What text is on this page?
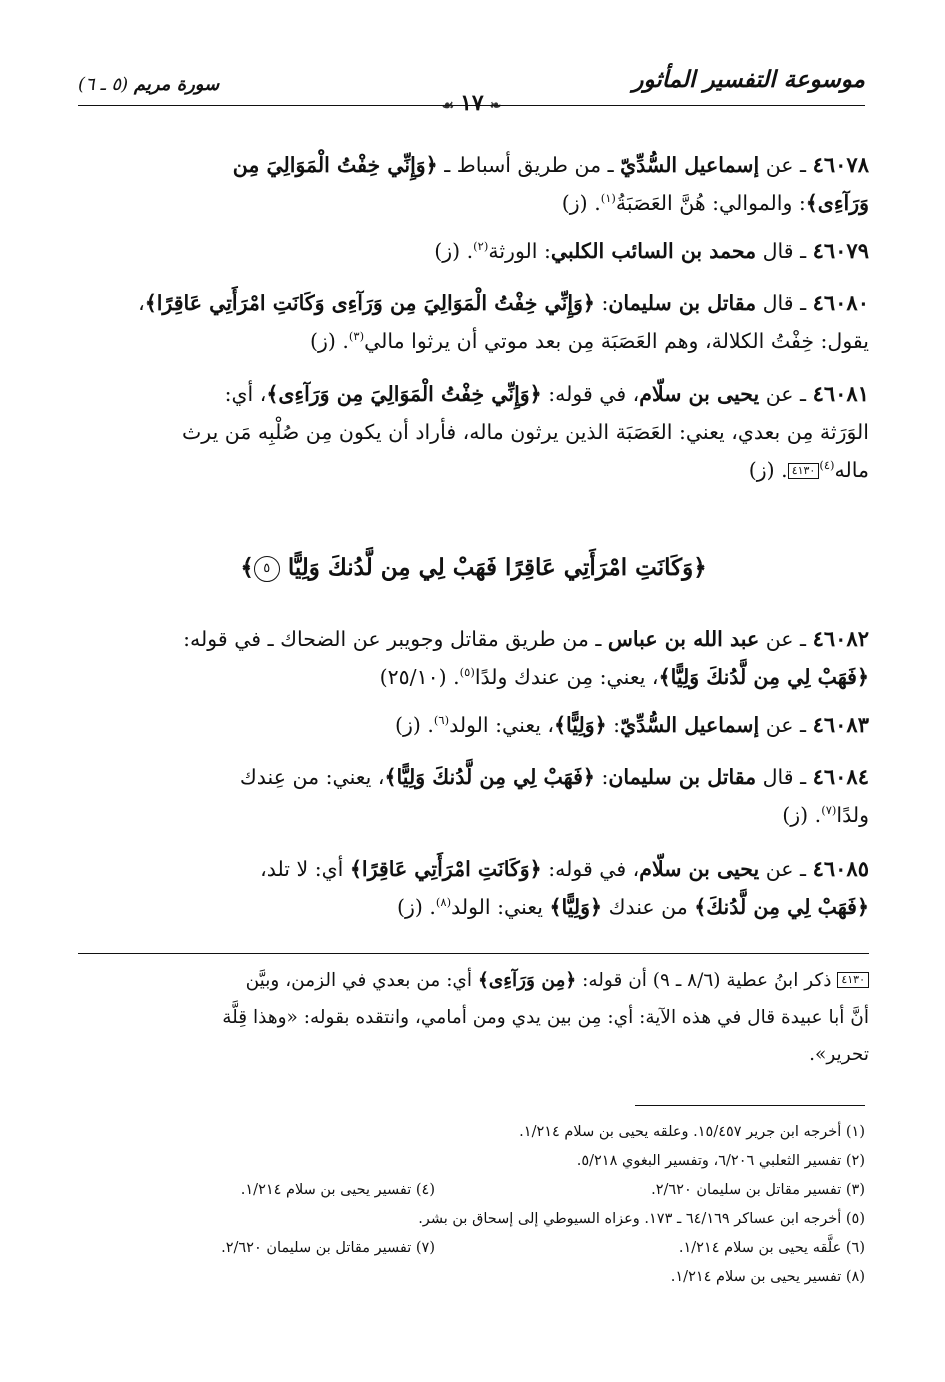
موسوعة التفسير المأثور
❧١٧☙
سورة مريم (٥ ـ ٦)
٤٦٠٧٨ ـ عن إسماعيل السُّدِّيّ ـ من طريق أسباط ـ ﴿وَإِنِّي خِفْتُ الْمَوَالِيَ مِن
وَرَآءِى﴾: والموالي: هُنَّ العَصَبَةُ$^{(١)}$. (ز)
٤٦٠٧٩ ـ قال محمد بن السائب الكلبي: الورثة$^{(٢)}$. (ز)
٤٦٠٨٠ ـ قال مقاتل بن سليمان: ﴿وَإِنِّي خِفْتُ الْمَوَالِيَ مِن وَرَآءِى وَكَانَتِ امْرَأَتِي عَاقِرًا﴾،
يقول: خِفْتُ الكلالة، وهم العَصَبَة مِن بعد موتي أن يرثوا مالي$^{(٣)}$. (ز)
٤٦٠٨١ ـ عن يحيى بن سلّام، في قوله: ﴿وَإِنِّي خِفْتُ الْمَوَالِيَ مِن وَرَآءِى﴾، أي:
الوَرَثة مِن بعدي، يعني: العَصَبَة الذين يرثون ماله، فأراد أن يكون مِن صُلْبِه مَن يرث
ماله$^{(٤)}$٤١٣٠. (ز)
﴿وَكَانَتِ امْرَأَتِي عَاقِرًا فَهَبْ لِي مِن لَّدُنكَ وَلِيًّا ٥﴾
٤٦٠٨٢ ـ عن عبد الله بن عباس ـ من طريق مقاتل وجويبر عن الضحاك ـ في قوله:
﴿فَهَبْ لِي مِن لَّدُنكَ وَلِيًّا﴾، يعني: مِن عندك ولدًا$^{(٥)}$. (٢٥/١٠)
٤٦٠٨٣ ـ عن إسماعيل السُّدِّيّ: ﴿وَلِيًّا﴾، يعني: الولد$^{(٦)}$. (ز)
٤٦٠٨٤ ـ قال مقاتل بن سليمان: ﴿فَهَبْ لِي مِن لَّدُنكَ وَلِيًّا﴾، يعني: من عِندك
ولدًا$^{(٧)}$. (ز)
٤٦٠٨٥ ـ عن يحيى بن سلّام، في قوله: ﴿وَكَانَتِ امْرَأَتِي عَاقِرًا﴾ أي: لا تلد،
﴿فَهَبْ لِي مِن لَّدُنكَ﴾ من عندك ﴿وَلِيًّا﴾ يعني: الولد$^{(٨)}$. (ز)
٤١٣٠ ذكر ابنُ عطية (٨/٦ ـ ٩) أن قوله: ﴿مِن وَرَآءِى﴾ أي: من بعدي في الزمن، وبيَّن
أنَّ أبا عبيدة قال في هذه الآية: أي: مِن بين يدي ومن أمامي، وانتقده بقوله: «وهذا قِلَّة
تحرير».
(١) أخرجه ابن جرير ١٥/٤٥٧. وعلقه يحيى بن سلام ١/٢١٤.
(٢) تفسير الثعلبي ٦/٢٠٦، وتفسير البغوي ٥/٢١٨.
(٣) تفسير مقاتل بن سليمان ٢/٦٢٠.
(٤) تفسير يحيى بن سلام ١/٢١٤.
(٥) أخرجه ابن عساكر ٦٤/١٦٩ ـ ١٧٣. وعزاه السيوطي إلى إسحاق بن بشر.
(٦) علَّقه يحيى بن سلام ١/٢١٤.
(٧) تفسير مقاتل بن سليمان ٢/٦٢٠.
(٨) تفسير يحيى بن سلام ١/٢١٤.
